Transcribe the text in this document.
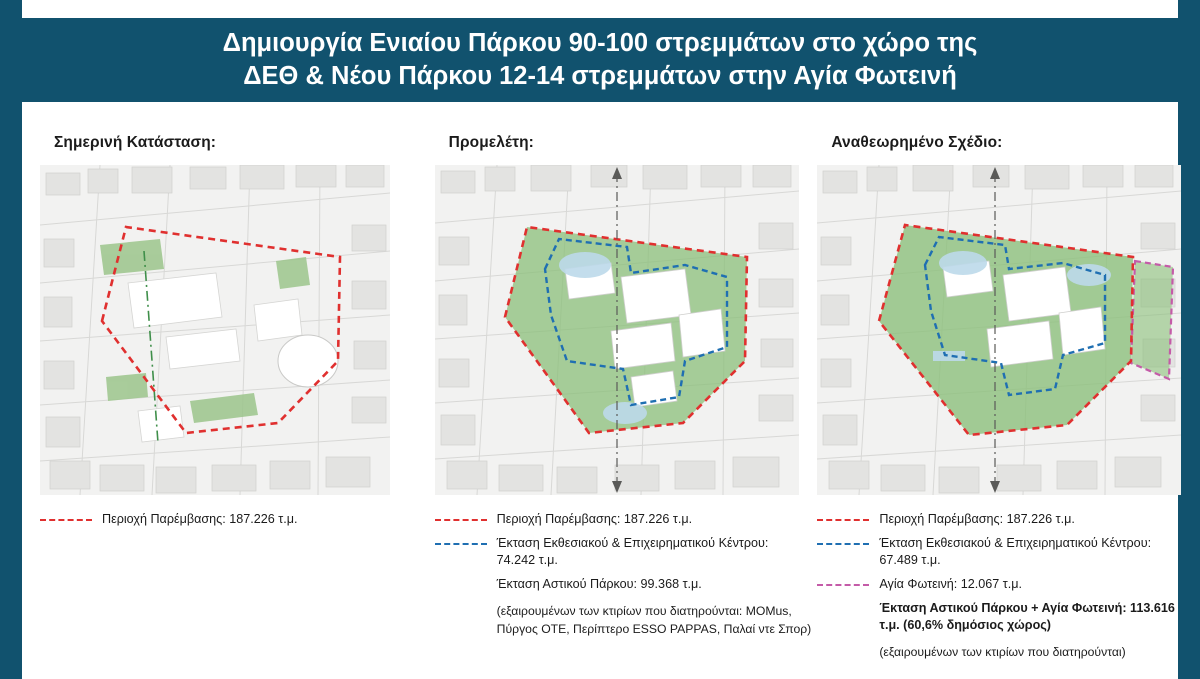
Δημιουργία Ενιαίου Πάρκου 90-100 στρεμμάτων στο χώρο της
ΔΕΘ & Νέου Πάρκου 12-14 στρεμμάτων στην Αγία Φωτεινή
Σημερινή Κατάσταση:
Περιοχή Παρέμβασης: 187.226 τ.μ.
Προμελέτη:
Περιοχή Παρέμβασης: 187.226 τ.μ.
Έκταση Εκθεσιακού & Επιχειρηματικού Κέντρου: 74.242 τ.μ.
Έκταση Αστικού Πάρκου: 99.368 τ.μ.
(εξαιρουμένων των κτιρίων που διατηρούνται: MOMus, Πύργος ΟΤΕ, Περίπτερο ESSO PAPPAS, Παλαί ντε Σπορ)
Αναθεωρημένο Σχέδιο:
Περιοχή Παρέμβασης: 187.226 τ.μ.
Έκταση Εκθεσιακού & Επιχειρηματικού Κέντρου: 67.489 τ.μ.
Αγία Φωτεινή: 12.067 τ.μ.
Έκταση Αστικού Πάρκου + Αγία Φωτεινή: 113.616 τ.μ. (60,6% δημόσιος χώρος)
(εξαιρουμένων των κτιρίων που διατηρούνται)
